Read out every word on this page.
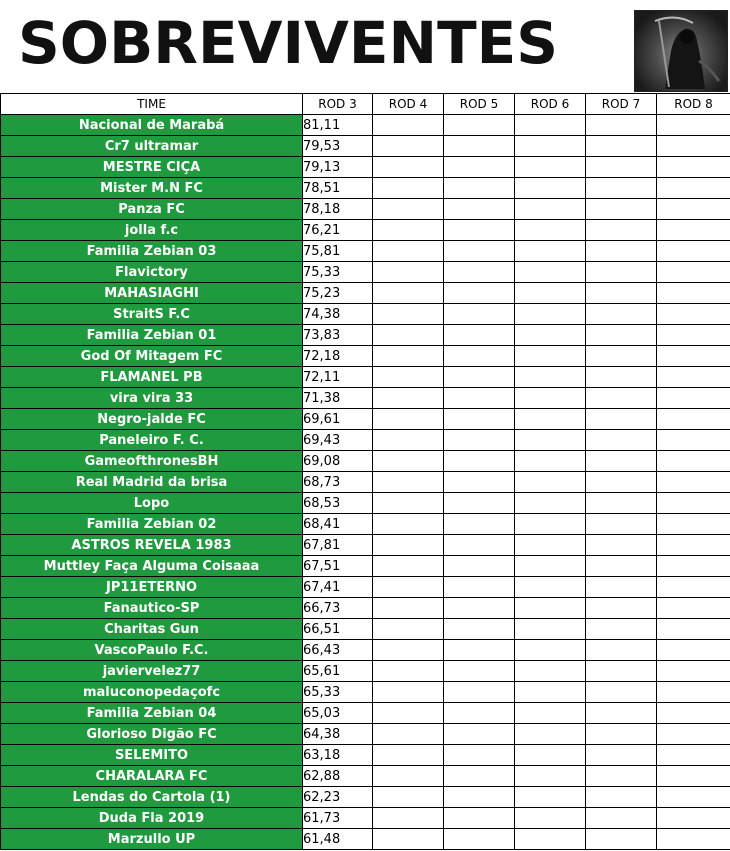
SOBREVIVENTES
TIME	ROD 3	ROD 4	ROD 5	ROD 6	ROD 7	ROD 8
Nacional de Marabá	81,11					
Cr7 ultramar	79,53					
MESTRE CIÇA	79,13					
Mister M.N FC	78,51					
Panza FC	78,18					
jolla f.c	76,21					
Familia Zebian 03	75,81					
Flavictory	75,33					
MAHASIAGHI	75,23					
StraitS F.C	74,38					
Familia Zebian 01	73,83					
God Of Mitagem FC	72,18					
FLAMANEL PB	72,11					
vira vira 33	71,38					
Negro-jalde FC	69,61					
Paneleiro F. C.	69,43					
GameofthronesBH	69,08					
Real Madrid da brisa	68,73					
Lopo	68,53					
Familia Zebian 02	68,41					
ASTROS REVELA 1983	67,81					
Muttley Faça Alguma Coisaaa	67,51					
JP11ETERNO	67,41					
Fanautico-SP	66,73					
Charitas Gun	66,51					
VascoPaulo F.C.	66,43					
javiervelez77	65,61					
maluconopedaçofc	65,33					
Familia Zebian 04	65,03					
Glorioso Digão FC	64,38					
SELEMITO	63,18					
CHARALARA FC	62,88					
Lendas do Cartola (1)	62,23					
Duda Fla 2019	61,73					
Marzullo UP	61,48					
